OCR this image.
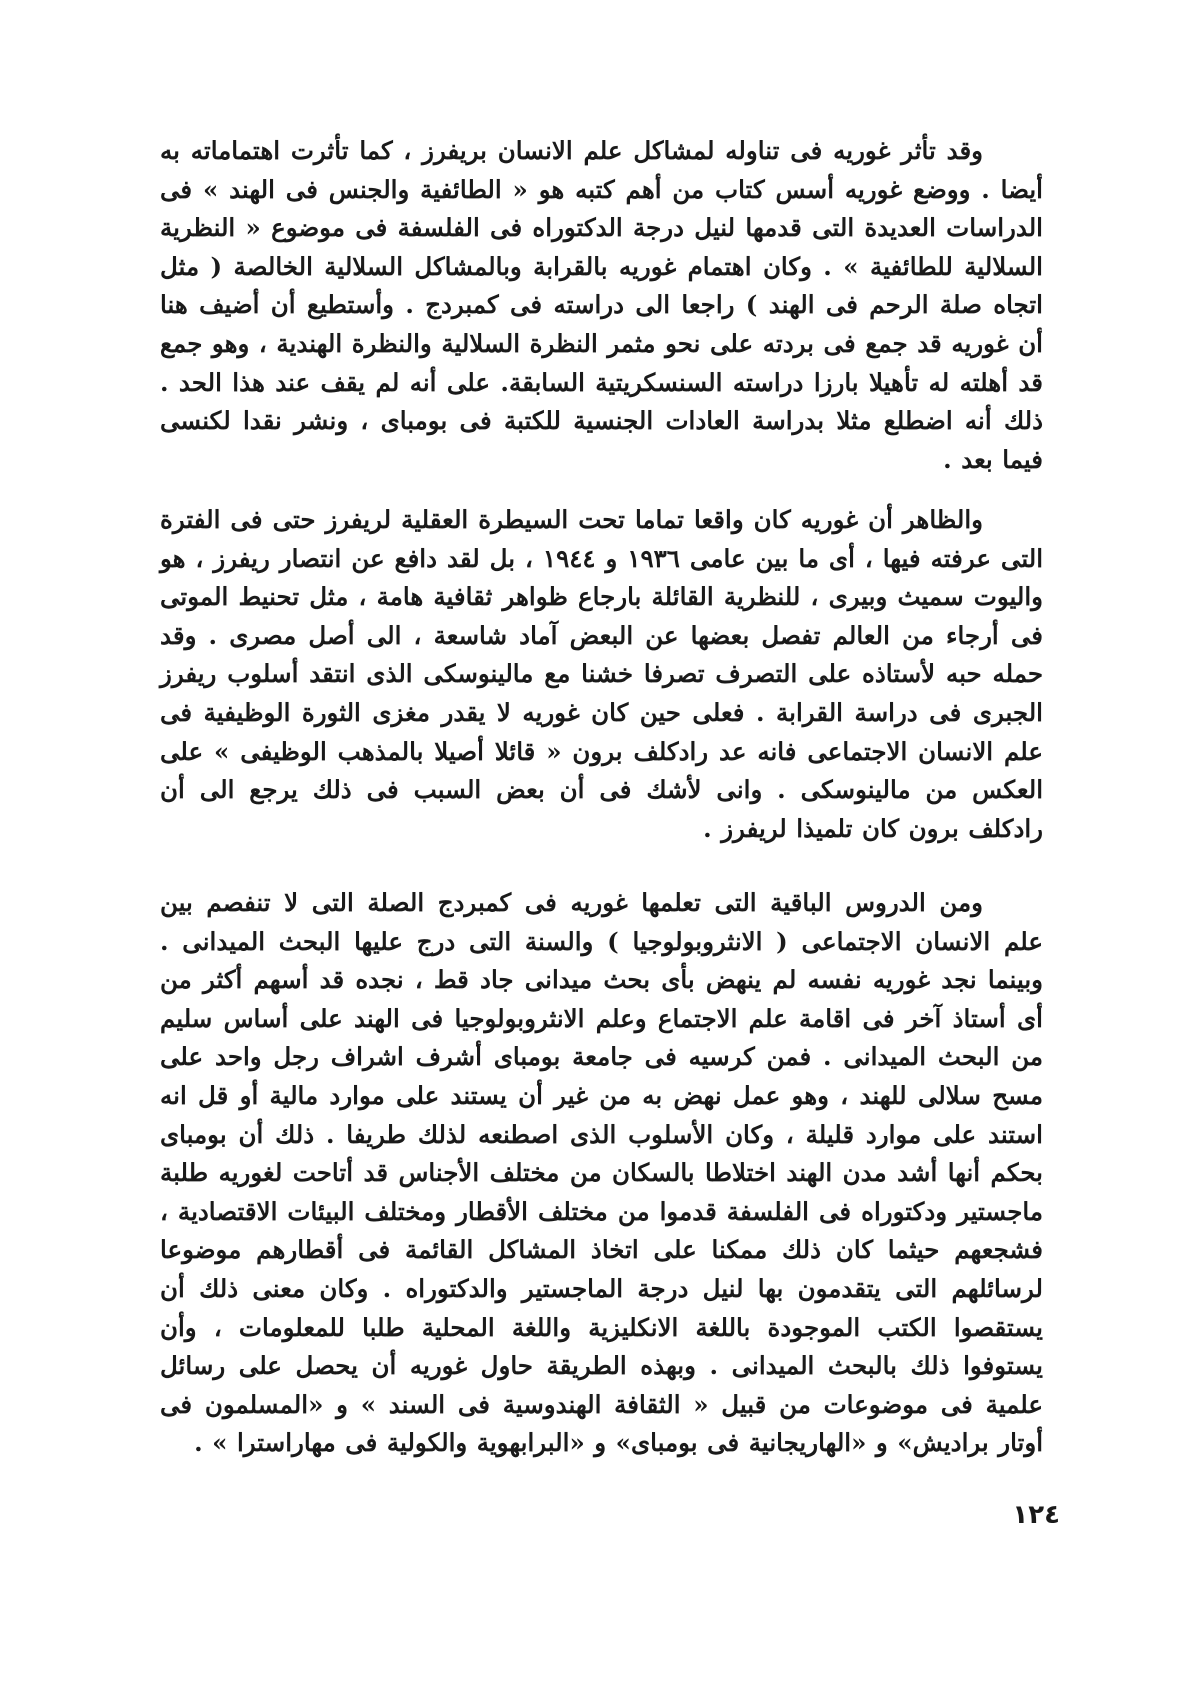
وقد تأثر غوريه فى تناوله لمشاكل علم الانسان بريفرز ، كما تأثرت اهتماماته به أيضا . ووضع غوريه أسس كتاب من أهم كتبه هو « الطائفية والجنس فى الهند » فى الدراسات العديدة التى قدمها لنيل درجة الدكتوراه فى الفلسفة فى موضوع « النظرية السلالية للطائفية » . وكان اهتمام غوريه بالقرابة وبالمشاكل السلالية الخالصة ( مثل اتجاه صلة الرحم فى الهند ) راجعا الى دراسته فى كمبردج . وأستطيع أن أضيف هنا أن غوريه قد جمع فى بردته على نحو مثمر النظرة السلالية والنظرة الهندية ، وهو جمع قد أهلته له تأهيلا بارزا دراسته السنسكريتية السابقة. على أنه لم يقف عند هذا الحد . ذلك أنه اضطلع مثلا بدراسة العادات الجنسية للكتبة فى بومباى ، ونشر نقدا لكنسى فيما بعد .

والظاهر أن غوريه كان واقعا تماما تحت السيطرة العقلية لريفرز حتى فى الفترة التى عرفته فيها ، أى ما بين عامى ١٩٣٦ و ١٩٤٤ ، بل لقد دافع عن انتصار ريفرز ، هو واليوت سميث وبيرى ، للنظرية القائلة بارجاع ظواهر ثقافية هامة ، مثل تحنيط الموتى فى أرجاء من العالم تفصل بعضها عن البعض آماد شاسعة ، الى أصل مصرى . وقد حمله حبه لأستاذه على التصرف تصرفا خشنا مع مالينوسكى الذى انتقد أسلوب ريفرز الجبرى فى دراسة القرابة . فعلى حين كان غوريه لا يقدر مغزى الثورة الوظيفية فى علم الانسان الاجتماعى فانه عد رادكلف برون « قائلا أصيلا بالمذهب الوظيفى » على العكس من مالينوسكى . وانى لأشك فى أن بعض السبب فى ذلك يرجع الى أن رادكلف برون كان تلميذا لريفرز .

ومن الدروس الباقية التى تعلمها غوريه فى كمبردج الصلة التى لا تنفصم بين علم الانسان الاجتماعى ( الانثروبولوجيا ) والسنة التى درج عليها البحث الميدانى . وبينما نجد غوريه نفسه لم ينهض بأى بحث ميدانى جاد قط ، نجده قد أسهم أكثر من أى أستاذ آخر فى اقامة علم الاجتماع وعلم الانثروبولوجيا فى الهند على أساس سليم من البحث الميدانى . فمن كرسيه فى جامعة بومباى أشرف اشراف رجل واحد على مسح سلالى للهند ، وهو عمل نهض به من غير أن يستند على موارد مالية أو قل انه استند على موارد قليلة ، وكان الأسلوب الذى اصطنعه لذلك طريفا . ذلك أن بومباى بحكم أنها أشد مدن الهند اختلاطا بالسكان من مختلف الأجناس قد أتاحت لغوريه طلبة ماجستير ودكتوراه فى الفلسفة قدموا من مختلف الأقطار ومختلف البيئات الاقتصادية ، فشجعهم حيثما كان ذلك ممكنا على اتخاذ المشاكل القائمة فى أقطارهم موضوعا لرسائلهم التى يتقدمون بها لنيل درجة الماجستير والدكتوراه . وكان معنى ذلك أن يستقصوا الكتب الموجودة باللغة الانكليزية واللغة المحلية طلبا للمعلومات ، وأن يستوفوا ذلك بالبحث الميدانى . وبهذه الطريقة حاول غوريه أن يحصل على رسائل علمية فى موضوعات من قبيل « الثقافة الهندوسية فى السند » و «المسلمون فى أوتار براديش» و «الهاريجانية فى بومباى» و «البرابهوية والكولية فى مهاراسترا » .

١٢٤
